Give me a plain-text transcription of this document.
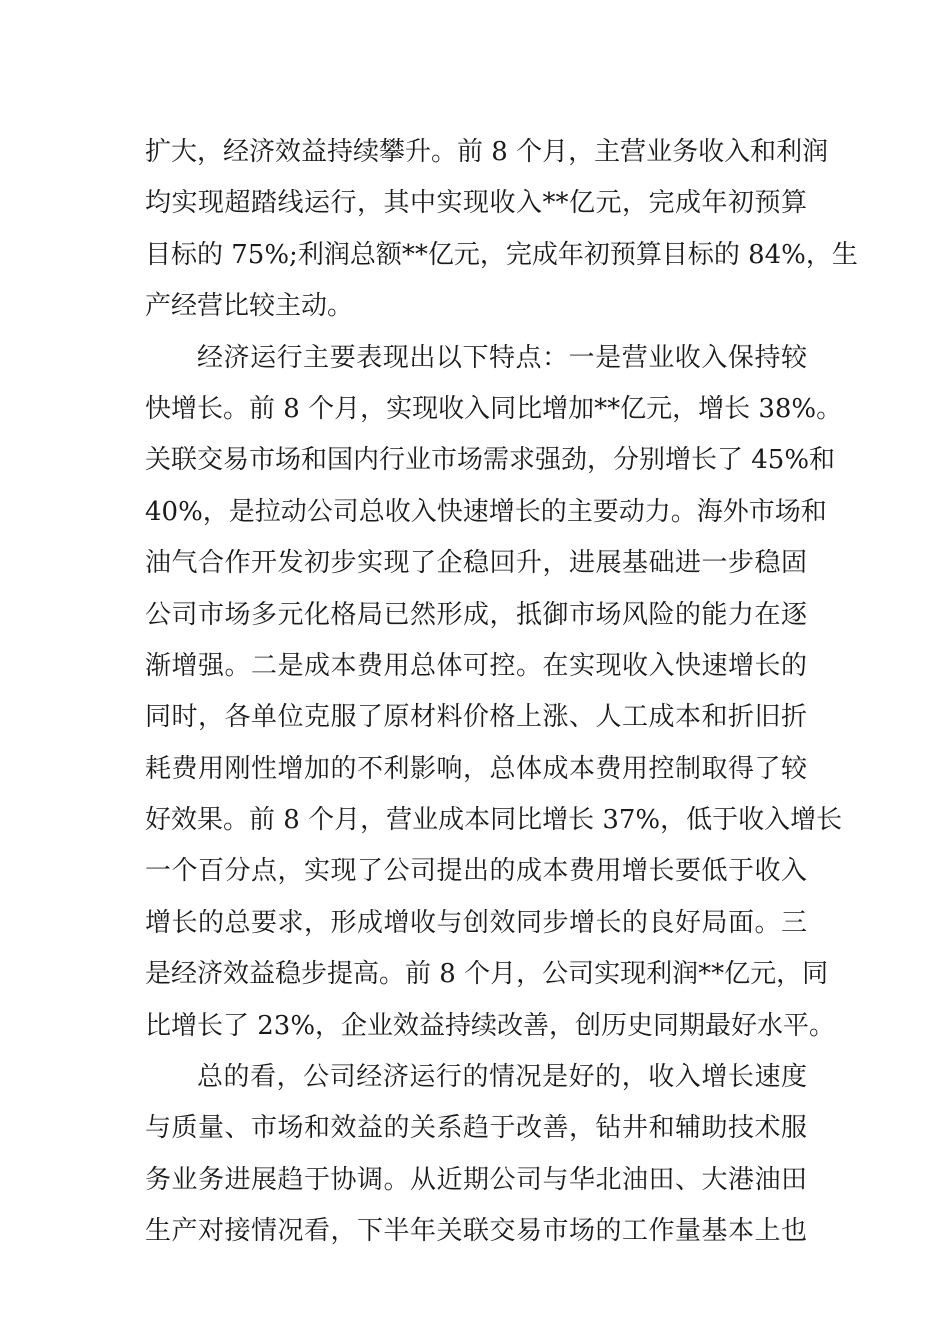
扩大，经济效益持续攀升。前 8 个月，主营业务收入和利润
均实现超踏线运行，其中实现收入**亿元，完成年初预算
目标的 75%;利润总额**亿元，完成年初预算目标的 84%，生
产经营比较主动。
经济运行主要表现出以下特点：一是营业收入保持较
快增长。前 8 个月，实现收入同比增加**亿元，增长 38%。
关联交易市场和国内行业市场需求强劲，分别增长了 45%和
40%，是拉动公司总收入快速增长的主要动力。海外市场和
油气合作开发初步实现了企稳回升，进展基础进一步稳固
公司市场多元化格局已然形成，抵御市场风险的能力在逐
渐增强。二是成本费用总体可控。在实现收入快速增长的
同时，各单位克服了原材料价格上涨、人工成本和折旧折
耗费用刚性增加的不利影响，总体成本费用控制取得了较
好效果。前 8 个月，营业成本同比增长 37%，低于收入增长
一个百分点，实现了公司提出的成本费用增长要低于收入
增长的总要求，形成增收与创效同步增长的良好局面。三
是经济效益稳步提高。前 8 个月，公司实现利润**亿元，同
比增长了 23%，企业效益持续改善，创历史同期最好水平。
总的看，公司经济运行的情况是好的，收入增长速度
与质量、市场和效益的关系趋于改善，钻井和辅助技术服
务业务进展趋于协调。从近期公司与华北油田、大港油田
生产对接情况看，下半年关联交易市场的工作量基本上也
